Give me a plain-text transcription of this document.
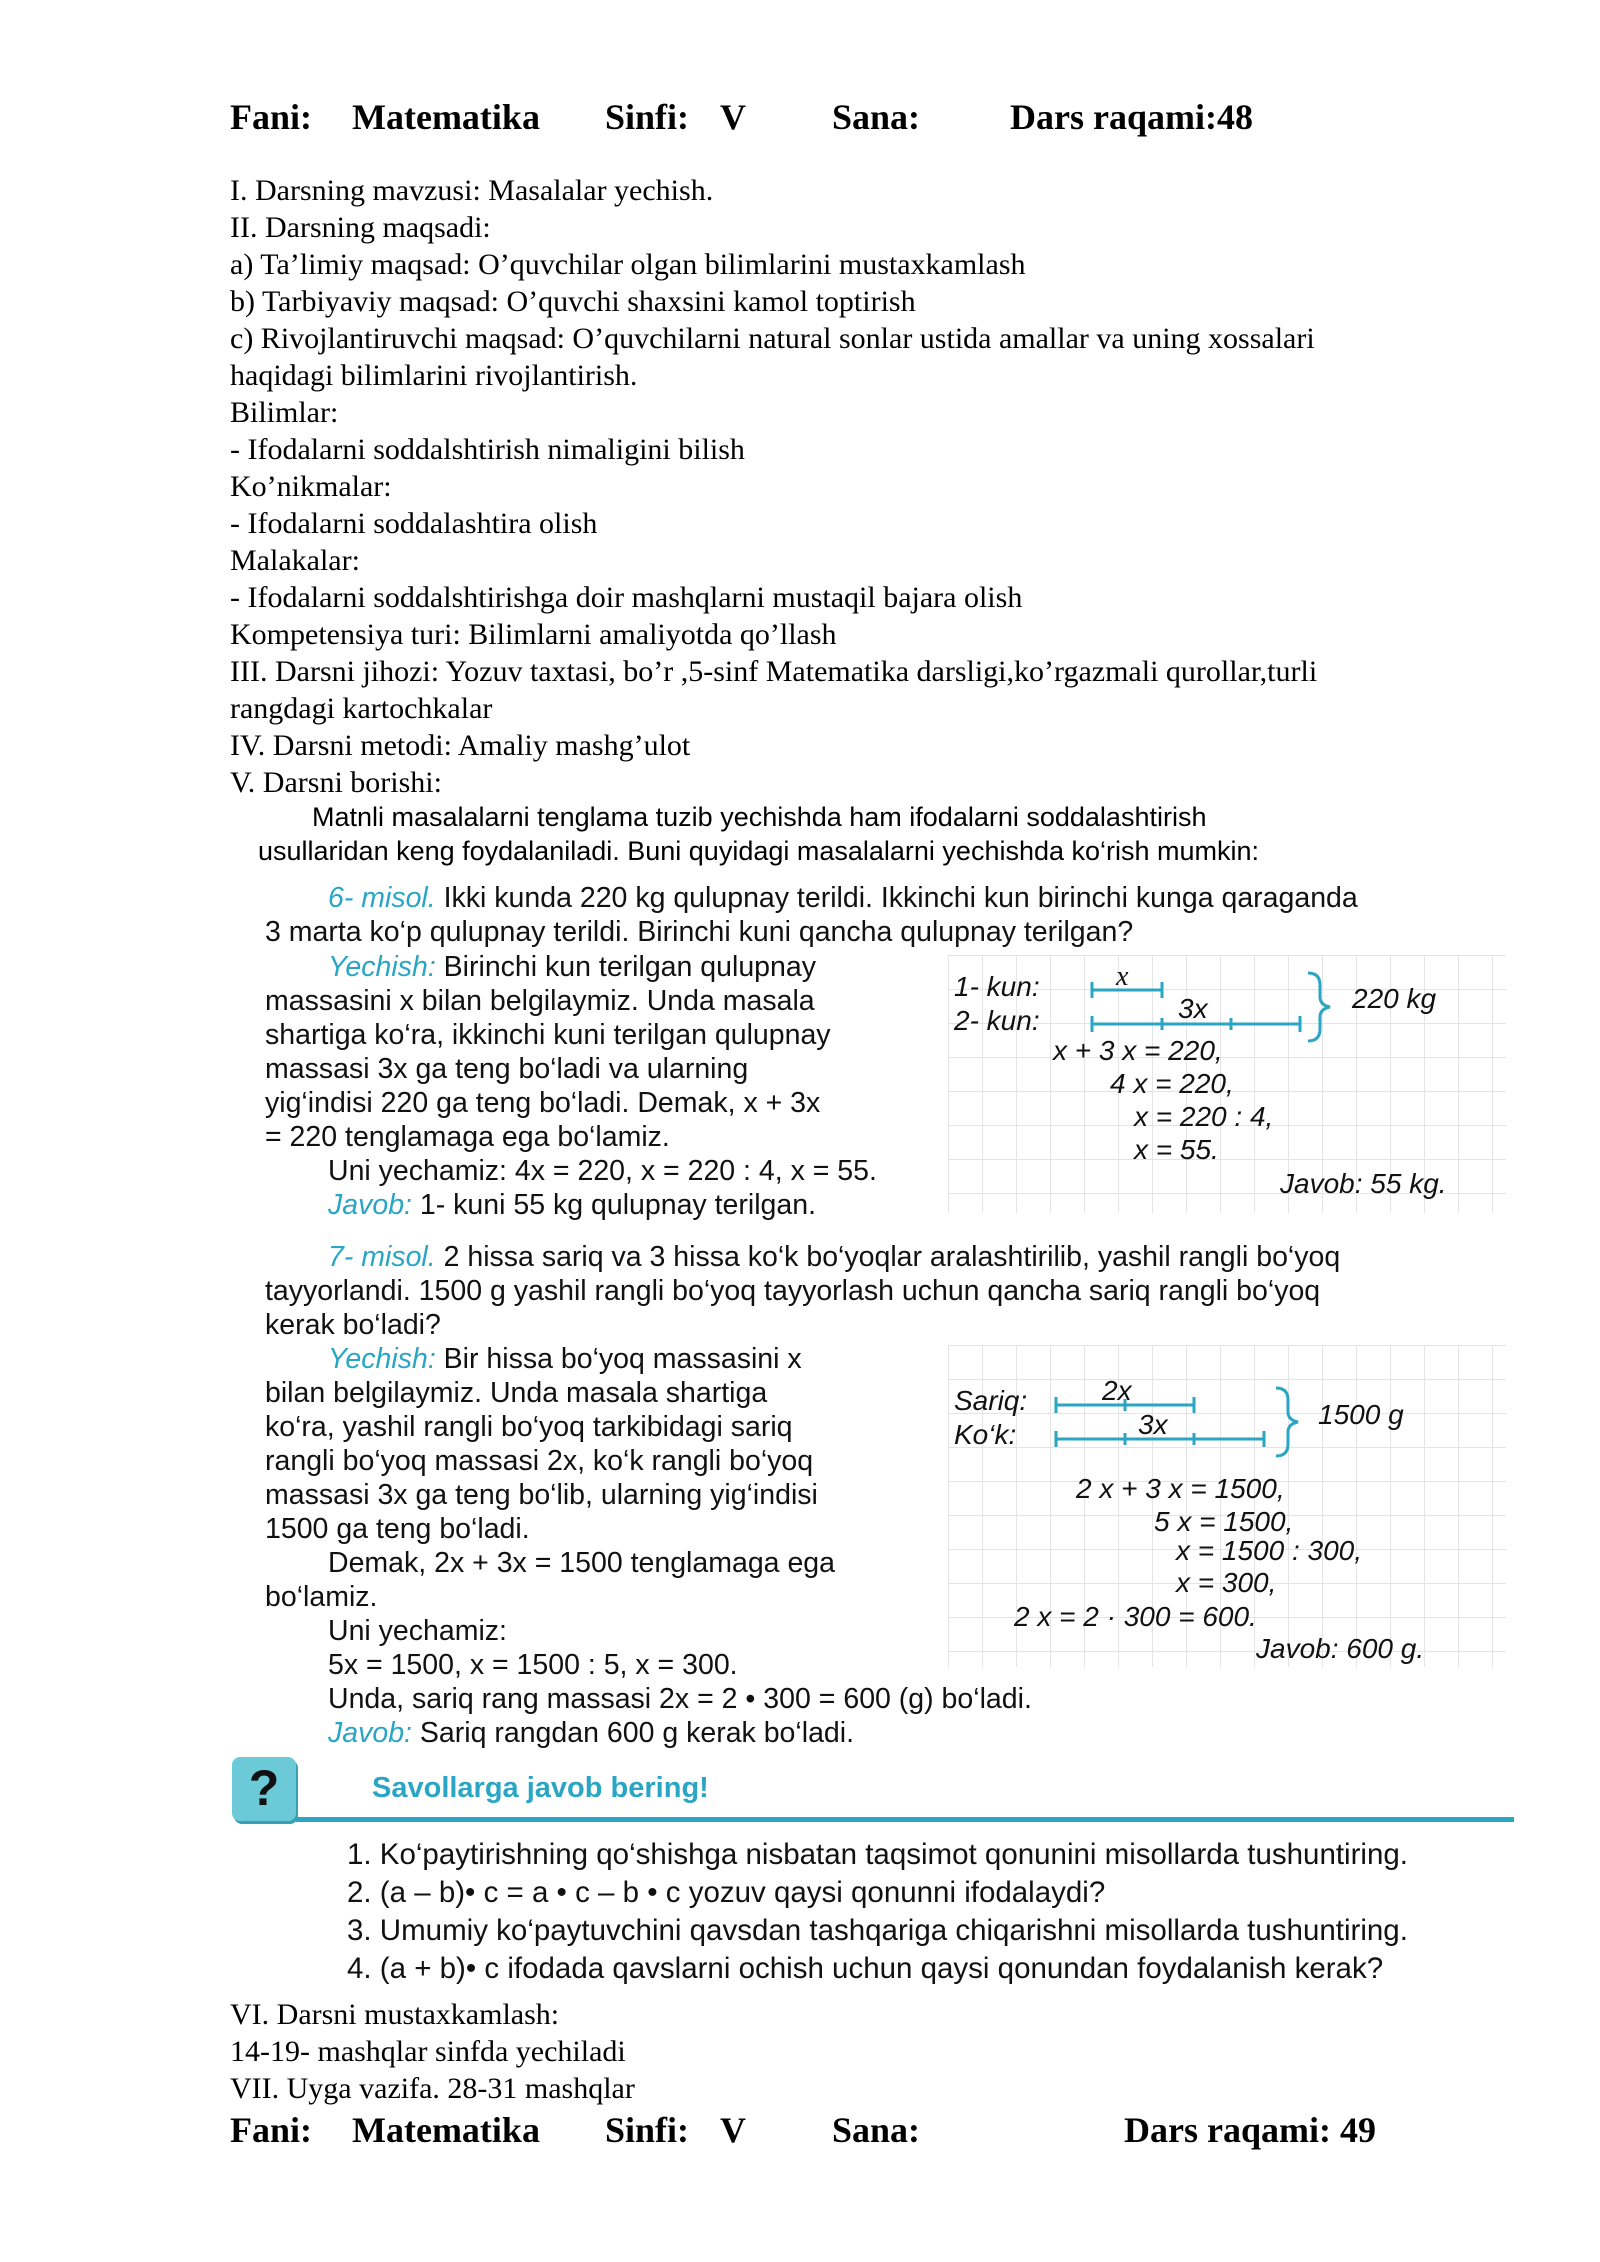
Fani: Matematika Sinfi: V Sana: Dars raqami:48
I. Darsning mavzusi: Masalalar yechish.
II. Darsning maqsadi:
a) Ta’limiy maqsad: O’quvchilar olgan bilimlarini mustaxkamlash
b) Tarbiyaviy maqsad: O’quvchi shaxsini kamol toptirish
c) Rivojlantiruvchi maqsad: O’quvchilarni natural sonlar ustida amallar va uning xossalari
haqidagi bilimlarini rivojlantirish.
Bilimlar:
- Ifodalarni soddalshtirish nimaligini bilish
Ko’nikmalar:
- Ifodalarni soddalashtira olish
Malakalar:
- Ifodalarni soddalshtirishga doir mashqlarni mustaqil bajara olish
Kompetensiya turi: Bilimlarni amaliyotda qo’llash
III. Darsni jihozi: Yozuv taxtasi, bo’r ,5-sinf Matematika darsligi,ko’rgazmali qurollar,turli
rangdagi kartochkalar
IV. Darsni metodi: Amaliy mashg’ulot
V. Darsni borishi:
Matnli masalalarni tenglama tuzib yechishda ham ifodalarni soddalashtirish
usullaridan keng foydalaniladi. Buni quyidagi masalalarni yechishda ko‘rish mumkin:
6- misol. Ikki kunda 220 kg qulupnay terildi. Ikkinchi kun birinchi kunga qaraganda
3 marta ko‘p qulupnay terildi. Birinchi kuni qancha qulupnay terilgan?
Yechish: Birinchi kun terilgan qulupnay
massasini x bilan belgilaymiz. Unda masala
shartiga ko‘ra, ikkinchi kuni terilgan qulupnay
massasi 3x ga teng bo‘ladi va ularning
yig‘indisi 220 ga teng bo‘ladi. Demak, x + 3x
= 220 tenglamaga ega bo‘lamiz.
Uni yechamiz: 4x = 220, x = 220 : 4, x = 55.
Javob: 1- kuni 55 kg qulupnay terilgan.
1- kun:
2- kun:
x
3x	220 kg
x + 3 x = 220,
4 x = 220,
x = 220 : 4,
x = 55.
Javob: 55 kg.
7- misol. 2 hissa sariq va 3 hissa ko‘k bo‘yoqlar aralashtirilib, yashil rangli bo‘yoq
tayyorlandi. 1500 g yashil rangli bo‘yoq tayyorlash uchun qancha sariq rangli bo‘yoq
kerak bo‘ladi?
Yechish: Bir hissa bo‘yoq massasini x
bilan belgilaymiz. Unda masala shartiga
ko‘ra, yashil rangli bo‘yoq tarkibidagi sariq
rangli bo‘yoq massasi 2x, ko‘k rangli bo‘yoq
massasi 3x ga teng bo‘lib, ularning yig‘indisi
1500 ga teng bo‘ladi.
Demak, 2x + 3x = 1500 tenglamaga ega
bo‘lamiz.
Uni yechamiz:
5x = 1500, x = 1500 : 5, x = 300.
Unda, sariq rang massasi 2x = 2 • 300 = 600 (g) bo‘ladi.
Javob: Sariq rangdan 600 g kerak bo‘ladi.
Sariq:
Ko‘k:
2x
3x	1500 g
2 x + 3 x = 1500,
5 x = 1500,
x = 1500 : 300,
x = 300,
2 x = 2 · 300 = 600.
Javob: 600 g.
?	Savollarga javob bering!
1. Ko‘paytirishning qo‘shishga nisbatan taqsimot qonunini misollarda tushuntiring.
2. (a – b)• c = a • c – b • c yozuv qaysi qonunni ifodalaydi?
3. Umumiy ko‘paytuvchini qavsdan tashqariga chiqarishni misollarda tushuntiring.
4. (a + b)• c ifodada qavslarni ochish uchun qaysi qonundan foydalanish kerak?
VI. Darsni mustaxkamlash:
14-19- mashqlar sinfda yechiladi
VII. Uyga vazifa. 28-31 mashqlar
Fani: Matematika Sinfi: V Sana:	Dars raqami: 49
